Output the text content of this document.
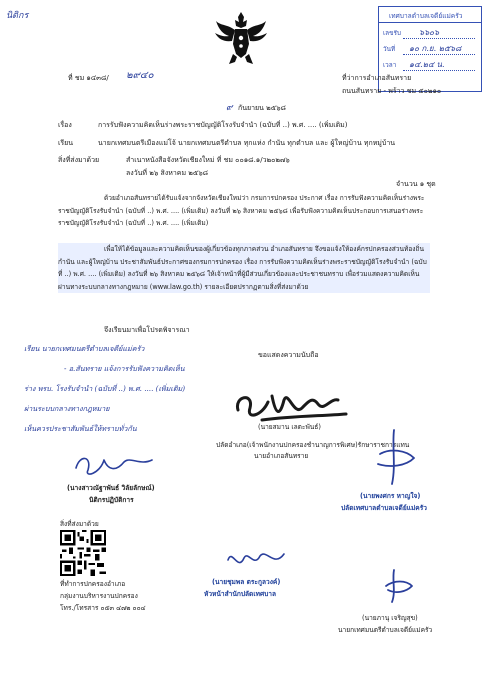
นิติกร	เทศบาลตำบลเจดีย์แม่ครัว
เลขรับ ๖๖๐๖
วันที่ ๑๐ ก.ย. ๒๕๖๘
เวลา ๑๔.๒๔ น.
ที่ ชม ๑๔๓๘/ ๒๙๔๐	ที่ว่าการอำเภอสันทราย
ถนนสันทราย - พร้าว ชม ๕๐๒๑๐
๙ กันยายน ๒๕๖๘
เรื่อง	การรับฟังความคิดเห็นร่างพระราชบัญญัติโรงรับจำนำ (ฉบับที่ ..) พ.ศ. .... (เพิ่มเติม)
เรียน	นายกเทศมนตรีเมืองแม่โจ้ นายกเทศมนตรีตำบล ทุกแห่ง กำนัน ทุกตำบล และ ผู้ใหญ่บ้าน ทุกหมู่บ้าน
สิ่งที่ส่งมาด้วย	สำเนาหนังสือจังหวัดเชียงใหม่ ที่ ชม ๐๐๑๘.๑/ว๒๐๒๗๖
ลงวันที่ ๒๖ สิงหาคม ๒๕๖๘
จำนวน ๑ ชุด
ด้วยอำเภอสันทรายได้รับแจ้งจากจังหวัดเชียงใหม่ว่า กรมการปกครอง ประกาศ เรื่อง การรับฟังความคิดเห็นร่างพระราชบัญญัติโรงรับจำนำ (ฉบับที่ ..) พ.ศ. .... (เพิ่มเติม) ลงวันที่ ๒๖ สิงหาคม ๒๕๖๘ เพื่อรับฟังความคิดเห็นประกอบการเสนอร่างพระราชบัญญัติโรงรับจำนำ (ฉบับที่ ..) พ.ศ. .... (เพิ่มเติม)
เพื่อให้ได้ข้อมูลและความคิดเห็นของผู้เกี่ยวข้องทุกภาคส่วน อำเภอสันทราย จึงขอแจ้งให้องค์กรปกครองส่วนท้องถิ่น กำนัน และผู้ใหญ่บ้าน ประชาสัมพันธ์ประกาศของกรมการปกครอง เรื่อง การรับฟังความคิดเห็นร่างพระราชบัญญัติโรงรับจำนำ (ฉบับที่ ..) พ.ศ. .... (เพิ่มเติม) ลงวันที่ ๒๖ สิงหาคม ๒๕๖๘ ให้เจ้าหน้าที่ผู้มีส่วนเกี่ยวข้องและประชาชนทราบ เพื่อร่วมแสดงความคิดเห็นผ่านทางระบบกลางทางกฎหมาย (www.law.go.th) รายละเอียดปรากฏตามสิ่งที่ส่งมาด้วย
จึงเรียนมาเพื่อโปรดพิจารณา
ขอแสดงความนับถือ
เรียน นายกเทศมนตรีตำบลเจดีย์แม่ครัว
- อ.สันทราย แจ้งการรับฟังความคิดเห็น
ร่าง พรบ. โรงรับจำนำ (ฉบับที่ ..) พ.ศ. .... (เพิ่มเติม)
ผ่านระบบกลางทางกฎหมาย
เห็นควรประชาสัมพันธ์ให้ทราบทั่วกัน	(นายสมาน เลตะพันธ์)
ปลัดอำเภอ(เจ้าพนักงานปกครองชำนาญการพิเศษ)รักษาราชการแทน
นายอำเภอสันทราย
(นางสาวณัฐาพันธ์ วิลัยลักษณ์)
นิติกรปฏิบัติการ	(นายพงศกร หาญใจ)
ปลัดเทศบาลตำบลเจดีย์แม่ครัว
สิ่งที่ส่งมาด้วย
ที่ทำการปกครองอำเภอ
กลุ่มงานบริหารงานปกครอง
โทร./โทรสาร ๐๕๓ ๔๗๒ ๐๐๔
(นายชุมพล ตระกูลวงค์)
หัวหน้าสำนักปลัดเทศบาล
(นายภานุ เจริญสุข)
นายกเทศมนตรีตำบลเจดีย์แม่ครัว
